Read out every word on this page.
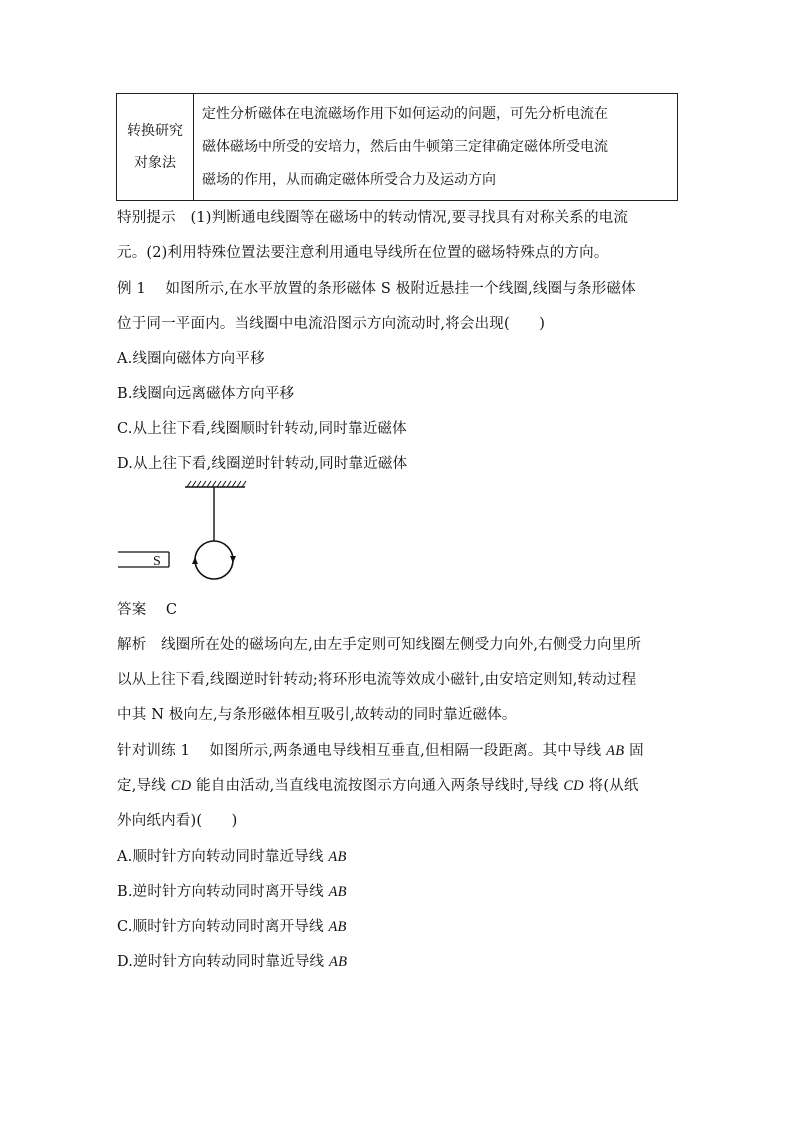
转换研究
对象法

定性分析磁体在电流磁场作用下如何运动的问题，可先分析电流在
磁体磁场中所受的安培力，然后由牛顿第三定律确定磁体所受电流
磁场的作用，从而确定磁体所受合力及运动方向
特别提示　(1)判断通电线圈等在磁场中的转动情况,要寻找具有对称关系的电流
元。(2)利用特殊位置法要注意利用通电导线所在位置的磁场特殊点的方向。
例 1　 如图所示,在水平放置的条形磁体 S 极附近悬挂一个线圈,线圈与条形磁体
位于同一平面内。当线圈中电流沿图示方向流动时,将会出现(　　)
A.线圈向磁体方向平移
B.线圈向远离磁体方向平移
C.从上往下看,线圈顺时针转动,同时靠近磁体
D.从上往下看,线圈逆时针转动,同时靠近磁体
S
答案　 C
解析　线圈所在处的磁场向左,由左手定则可知线圈左侧受力向外,右侧受力向里所
以从上往下看,线圈逆时针转动;将环形电流等效成小磁针,由安培定则知,转动过程
中其 N 极向左,与条形磁体相互吸引,故转动的同时靠近磁体。
针对训练 1　 如图所示,两条通电导线相互垂直,但相隔一段距离。其中导线 AB 固
定,导线 CD 能自由活动,当直线电流按图示方向通入两条导线时,导线 CD 将(从纸
外向纸内看)(　　)
A.顺时针方向转动同时靠近导线 AB
B.逆时针方向转动同时离开导线 AB
C.顺时针方向转动同时离开导线 AB
D.逆时针方向转动同时靠近导线 AB
